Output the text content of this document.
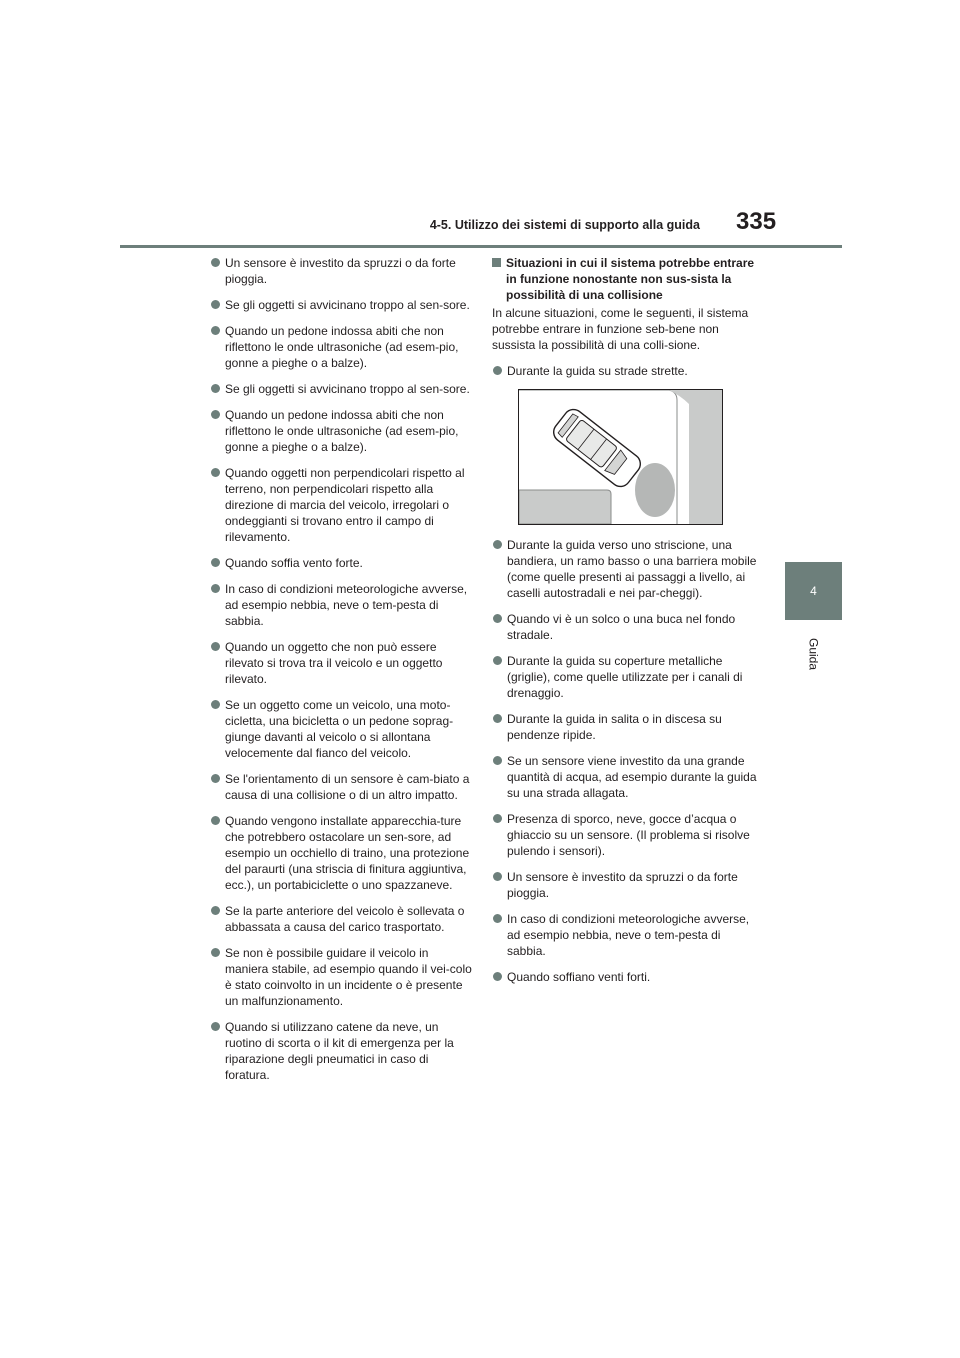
4-5. Utilizzo dei sistemi di supporto alla guida 335
4
Guida
Un sensore è investito da spruzzi o da forte pioggia.
Se gli oggetti si avvicinano troppo al sen-sore.
Quando un pedone indossa abiti che non riflettono le onde ultrasoniche (ad esem-pio, gonne a pieghe o a balze).
Se gli oggetti si avvicinano troppo al sen-sore.
Quando un pedone indossa abiti che non riflettono le onde ultrasoniche (ad esem-pio, gonne a pieghe o a balze).
Quando oggetti non perpendicolari rispetto al terreno, non perpendicolari rispetto alla direzione di marcia del veicolo, irregolari o ondeggianti si trovano entro il campo di rilevamento.
Quando soffia vento forte.
In caso di condizioni meteorologiche avverse, ad esempio nebbia, neve o tem-pesta di sabbia.
Quando un oggetto che non può essere rilevato si trova tra il veicolo e un oggetto rilevato.
Se un oggetto come un veicolo, una moto-cicletta, una bicicletta o un pedone soprag-giunge davanti al veicolo o si allontana velocemente dal fianco del veicolo.
Se l'orientamento di un sensore è cam-biato a causa di una collisione o di un altro impatto.
Quando vengono installate apparecchia-ture che potrebbero ostacolare un sen-sore, ad esempio un occhiello di traino, una protezione del paraurti (una striscia di finitura aggiuntiva, ecc.), un portabiciclette o uno spazzaneve.
Se la parte anteriore del veicolo è sollevata o abbassata a causa del carico trasportato.
Se non è possibile guidare il veicolo in maniera stabile, ad esempio quando il vei-colo è stato coinvolto in un incidente o è presente un malfunzionamento.
Quando si utilizzano catene da neve, un ruotino di scorta o il kit di emergenza per la riparazione degli pneumatici in caso di foratura.
Situazioni in cui il sistema potrebbe entrare in funzione nonostante non sus-sista la possibilità di una collisione
In alcune situazioni, come le seguenti, il sistema potrebbe entrare in funzione seb-bene non sussista la possibilità di una colli-sione.
Durante la guida su strade strette.
Durante la guida verso uno striscione, una bandiera, un ramo basso o una barriera mobile (come quelle presenti ai passaggi a livello, ai caselli autostradali e nei par-cheggi).
Quando vi è un solco o una buca nel fondo stradale.
Durante la guida su coperture metalliche (griglie), come quelle utilizzate per i canali di drenaggio.
Durante la guida in salita o in discesa su pendenze ripide.
Se un sensore viene investito da una grande quantità di acqua, ad esempio durante la guida su una strada allagata.
Presenza di sporco, neve, gocce d’acqua o ghiaccio su un sensore. (Il problema si risolve pulendo i sensori).
Un sensore è investito da spruzzi o da forte pioggia.
In caso di condizioni meteorologiche avverse, ad esempio nebbia, neve o tem-pesta di sabbia.
Quando soffiano venti forti.
